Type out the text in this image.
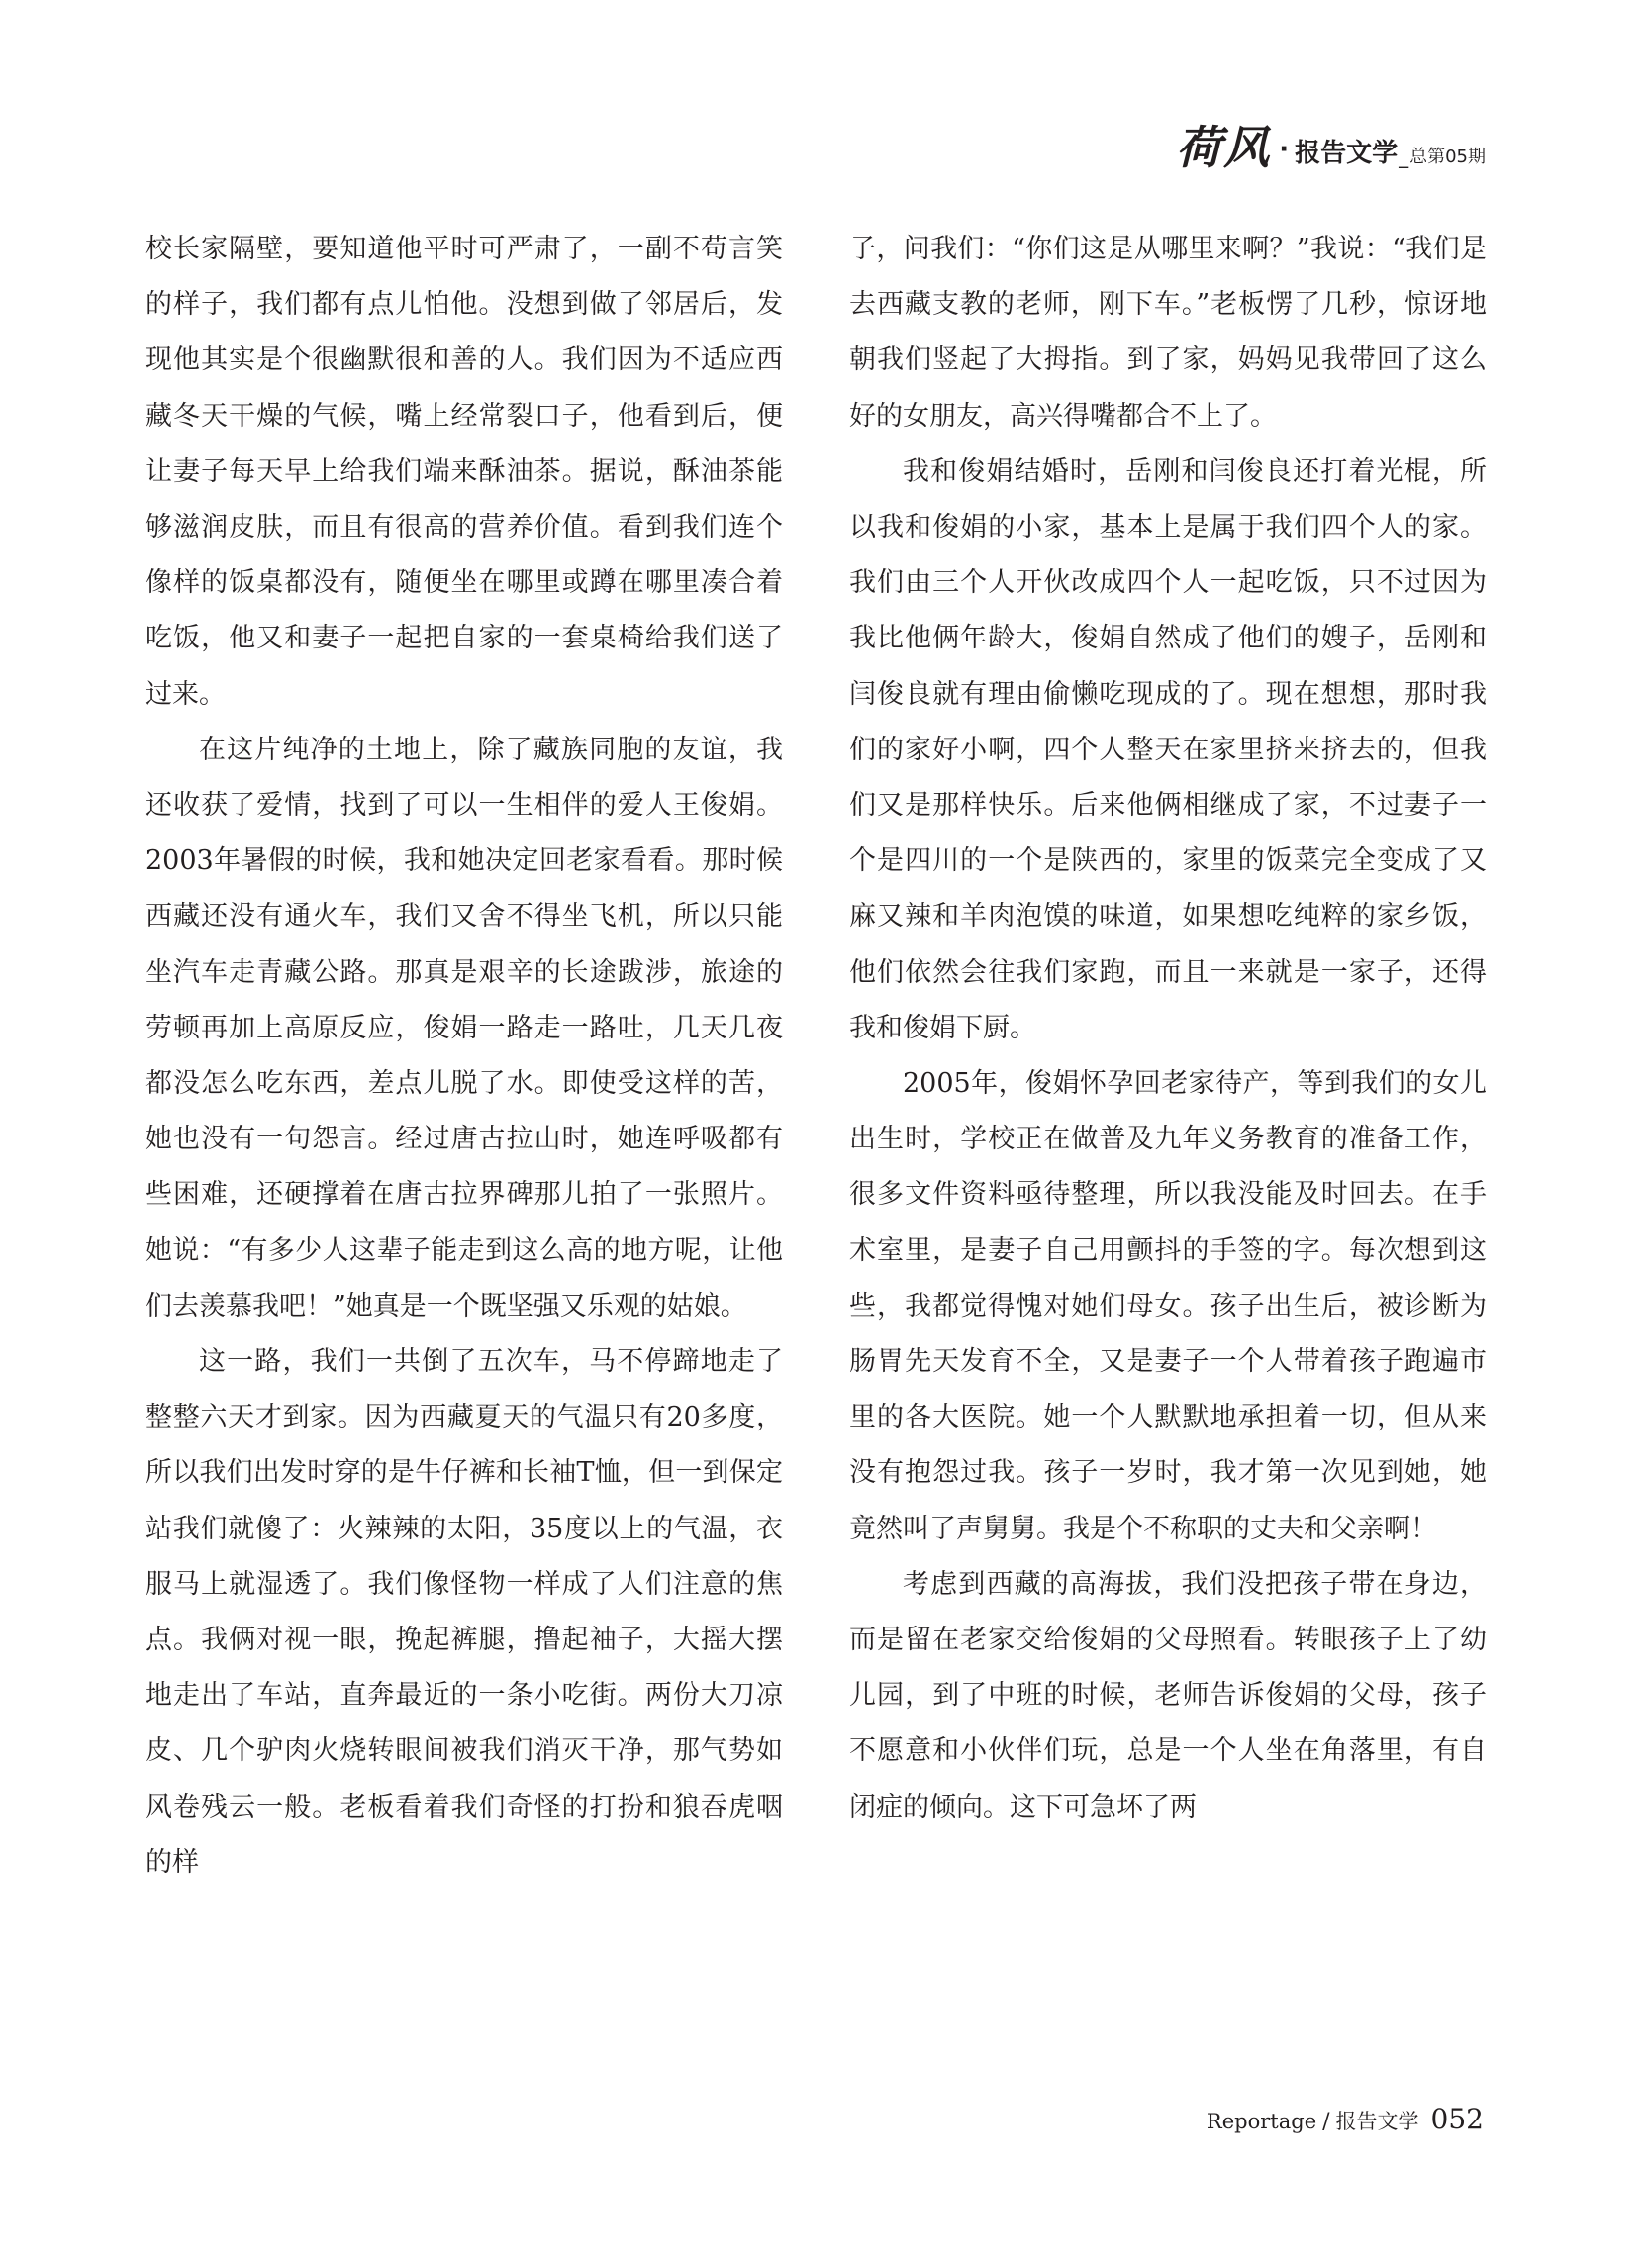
荷风 · 报告文学 _ 总第05期

校长家隔壁，要知道他平时可严肃了，一副不苟言笑的样子，我们都有点儿怕他。没想到做了邻居后，发现他其实是个很幽默很和善的人。我们因为不适应西藏冬天干燥的气候，嘴上经常裂口子，他看到后，便让妻子每天早上给我们端来酥油茶。据说，酥油茶能够滋润皮肤，而且有很高的营养价值。看到我们连个像样的饭桌都没有，随便坐在哪里或蹲在哪里凑合着吃饭，他又和妻子一起把自家的一套桌椅给我们送了过来。

在这片纯净的土地上，除了藏族同胞的友谊，我还收获了爱情，找到了可以一生相伴的爱人王俊娟。2003年暑假的时候，我和她决定回老家看看。那时候西藏还没有通火车，我们又舍不得坐飞机，所以只能坐汽车走青藏公路。那真是艰辛的长途跋涉，旅途的劳顿再加上高原反应，俊娟一路走一路吐，几天几夜都没怎么吃东西，差点儿脱了水。即使受这样的苦，她也没有一句怨言。经过唐古拉山时，她连呼吸都有些困难，还硬撑着在唐古拉界碑那儿拍了一张照片。她说：“有多少人这辈子能走到这么高的地方呢，让他们去羡慕我吧！”她真是一个既坚强又乐观的姑娘。

这一路，我们一共倒了五次车，马不停蹄地走了整整六天才到家。因为西藏夏天的气温只有20多度，所以我们出发时穿的是牛仔裤和长袖T恤，但一到保定站我们就傻了：火辣辣的太阳，35度以上的气温，衣服马上就湿透了。我们像怪物一样成了人们注意的焦点。我俩对视一眼，挽起裤腿，撸起袖子，大摇大摆地走出了车站，直奔最近的一条小吃街。两份大刀凉皮、几个驴肉火烧转眼间被我们消灭干净，那气势如风卷残云一般。老板看着我们奇怪的打扮和狼吞虎咽的样

子，问我们：“你们这是从哪里来啊？”我说：“我们是去西藏支教的老师，刚下车。”老板愣了几秒，惊讶地朝我们竖起了大拇指。到了家，妈妈见我带回了这么好的女朋友，高兴得嘴都合不上了。

我和俊娟结婚时，岳刚和闫俊良还打着光棍，所以我和俊娟的小家，基本上是属于我们四个人的家。我们由三个人开伙改成四个人一起吃饭，只不过因为我比他俩年龄大，俊娟自然成了他们的嫂子，岳刚和闫俊良就有理由偷懒吃现成的了。现在想想，那时我们的家好小啊，四个人整天在家里挤来挤去的，但我们又是那样快乐。后来他俩相继成了家，不过妻子一个是四川的一个是陕西的，家里的饭菜完全变成了又麻又辣和羊肉泡馍的味道，如果想吃纯粹的家乡饭，他们依然会往我们家跑，而且一来就是一家子，还得我和俊娟下厨。

2005年，俊娟怀孕回老家待产，等到我们的女儿出生时，学校正在做普及九年义务教育的准备工作，很多文件资料亟待整理，所以我没能及时回去。在手术室里，是妻子自己用颤抖的手签的字。每次想到这些，我都觉得愧对她们母女。孩子出生后，被诊断为肠胃先天发育不全，又是妻子一个人带着孩子跑遍市里的各大医院。她一个人默默地承担着一切，但从来没有抱怨过我。孩子一岁时，我才第一次见到她，她竟然叫了声舅舅。我是个不称职的丈夫和父亲啊！

考虑到西藏的高海拔，我们没把孩子带在身边，而是留在老家交给俊娟的父母照看。转眼孩子上了幼儿园，到了中班的时候，老师告诉俊娟的父母，孩子不愿意和小伙伴们玩，总是一个人坐在角落里，有自闭症的倾向。这下可急坏了两

Reportage / 报告文学 052
